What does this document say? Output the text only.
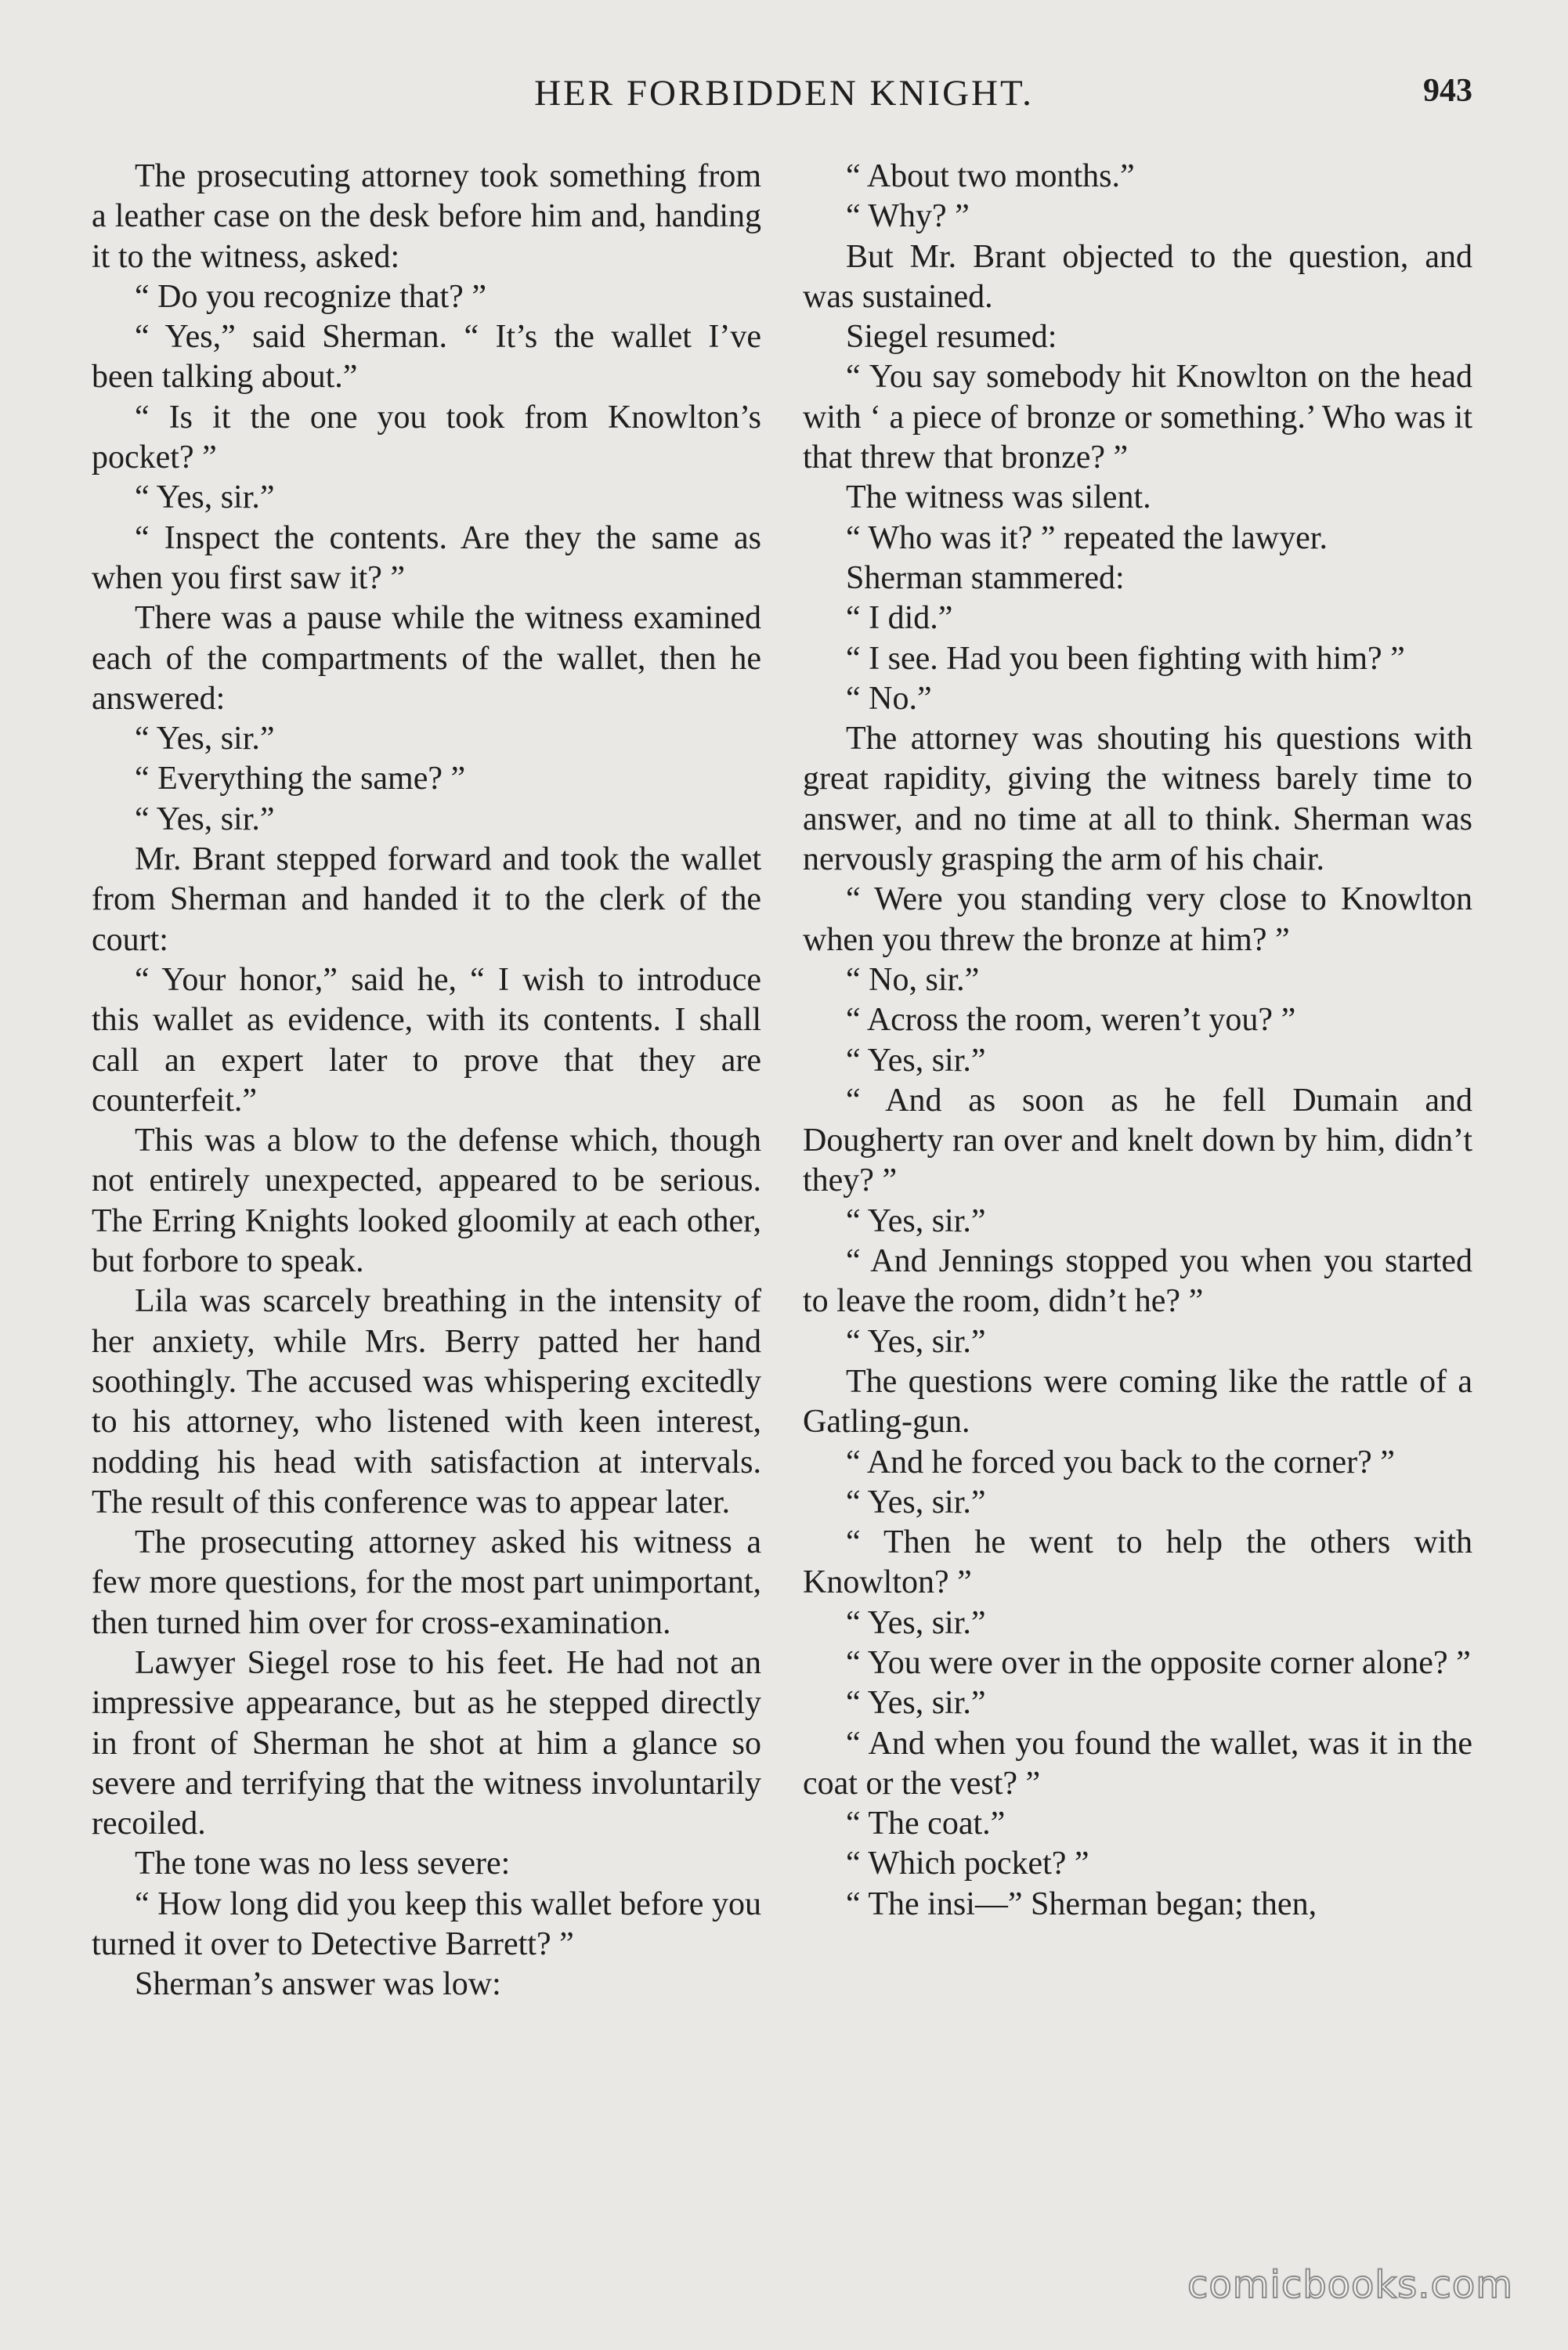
HER FORBIDDEN KNIGHT.	943

The prosecuting attorney took something from a leather case on the desk before him and, handing it to the witness, asked:

“ Do you recognize that? ”

“ Yes,” said Sherman. “ It’s the wallet I’ve been talking about.”

“ Is it the one you took from Knowlton’s pocket? ”

“ Yes, sir.”

“ Inspect the contents. Are they the same as when you first saw it? ”

There was a pause while the witness examined each of the compartments of the wallet, then he answered:

“ Yes, sir.”

“ Everything the same? ”

“ Yes, sir.”

Mr. Brant stepped forward and took the wallet from Sherman and handed it to the clerk of the court:

“ Your honor,” said he, “ I wish to introduce this wallet as evidence, with its contents. I shall call an expert later to prove that they are counterfeit.”

This was a blow to the defense which, though not entirely unexpected, appeared to be serious. The Erring Knights looked gloomily at each other, but forbore to speak.

Lila was scarcely breathing in the intensity of her anxiety, while Mrs. Berry patted her hand soothingly. The accused was whispering excitedly to his attorney, who listened with keen interest, nodding his head with satisfaction at intervals. The result of this conference was to appear later.

The prosecuting attorney asked his witness a few more questions, for the most part unimportant, then turned him over for cross-examination.

Lawyer Siegel rose to his feet. He had not an impressive appearance, but as he stepped directly in front of Sherman he shot at him a glance so severe and terrifying that the witness involuntarily recoiled.

The tone was no less severe:

“ How long did you keep this wallet before you turned it over to Detective Barrett? ”

Sherman’s answer was low:

“ About two months.”

“ Why? ”

But Mr. Brant objected to the question, and was sustained.

Siegel resumed:

“ You say somebody hit Knowlton on the head with ‘ a piece of bronze or something.’ Who was it that threw that bronze? ”

The witness was silent.

“ Who was it? ” repeated the lawyer.

Sherman stammered:

“ I did.”

“ I see. Had you been fighting with him? ”

“ No.”

The attorney was shouting his questions with great rapidity, giving the witness barely time to answer, and no time at all to think. Sherman was nervously grasping the arm of his chair.

“ Were you standing very close to Knowlton when you threw the bronze at him? ”

“ No, sir.”

“ Across the room, weren’t you? ”

“ Yes, sir.”

“ And as soon as he fell Dumain and Dougherty ran over and knelt down by him, didn’t they? ”

“ Yes, sir.”

“ And Jennings stopped you when you started to leave the room, didn’t he? ”

“ Yes, sir.”

The questions were coming like the rattle of a Gatling-gun.

“ And he forced you back to the corner? ”

“ Yes, sir.”

“ Then he went to help the others with Knowlton? ”

“ Yes, sir.”

“ You were over in the opposite corner alone? ”

“ Yes, sir.”

“ And when you found the wallet, was it in the coat or the vest? ”

“ The coat.”

“ Which pocket? ”

“ The insi—” Sherman began; then,

comicbooks.com
